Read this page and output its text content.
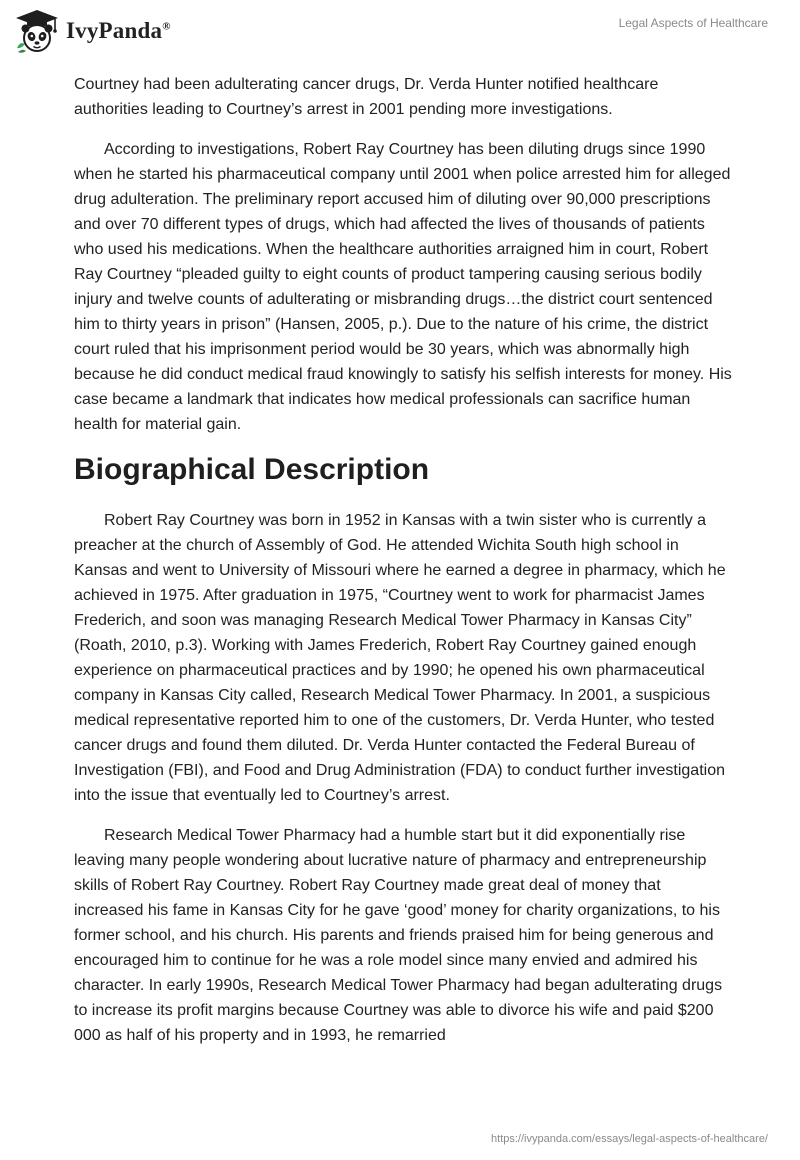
IvyPanda®	Legal Aspects of Healthcare

Courtney had been adulterating cancer drugs, Dr. Verda Hunter notified healthcare authorities leading to Courtney’s arrest in 2001 pending more investigations.

According to investigations, Robert Ray Courtney has been diluting drugs since 1990 when he started his pharmaceutical company until 2001 when police arrested him for alleged drug adulteration. The preliminary report accused him of diluting over 90,000 prescriptions and over 70 different types of drugs, which had affected the lives of thousands of patients who used his medications. When the healthcare authorities arraigned him in court, Robert Ray Courtney “pleaded guilty to eight counts of product tampering causing serious bodily injury and twelve counts of adulterating or misbranding drugs…the district court sentenced him to thirty years in prison” (Hansen, 2005, p.). Due to the nature of his crime, the district court ruled that his imprisonment period would be 30 years, which was abnormally high because he did conduct medical fraud knowingly to satisfy his selfish interests for money. His case became a landmark that indicates how medical professionals can sacrifice human health for material gain.

Biographical Description

Robert Ray Courtney was born in 1952 in Kansas with a twin sister who is currently a preacher at the church of Assembly of God. He attended Wichita South high school in Kansas and went to University of Missouri where he earned a degree in pharmacy, which he achieved in 1975. After graduation in 1975, “Courtney went to work for pharmacist James Frederich, and soon was managing Research Medical Tower Pharmacy in Kansas City” (Roath, 2010, p.3). Working with James Frederich, Robert Ray Courtney gained enough experience on pharmaceutical practices and by 1990; he opened his own pharmaceutical company in Kansas City called, Research Medical Tower Pharmacy. In 2001, a suspicious medical representative reported him to one of the customers, Dr. Verda Hunter, who tested cancer drugs and found them diluted. Dr. Verda Hunter contacted the Federal Bureau of Investigation (FBI), and Food and Drug Administration (FDA) to conduct further investigation into the issue that eventually led to Courtney’s arrest.

Research Medical Tower Pharmacy had a humble start but it did exponentially rise leaving many people wondering about lucrative nature of pharmacy and entrepreneurship skills of Robert Ray Courtney. Robert Ray Courtney made great deal of money that increased his fame in Kansas City for he gave ‘good’ money for charity organizations, to his former school, and his church. His parents and friends praised him for being generous and encouraged him to continue for he was a role model since many envied and admired his character. In early 1990s, Research Medical Tower Pharmacy had began adulterating drugs to increase its profit margins because Courtney was able to divorce his wife and paid $200 000 as half of his property and in 1993, he remarried

https://ivypanda.com/essays/legal-aspects-of-healthcare/
